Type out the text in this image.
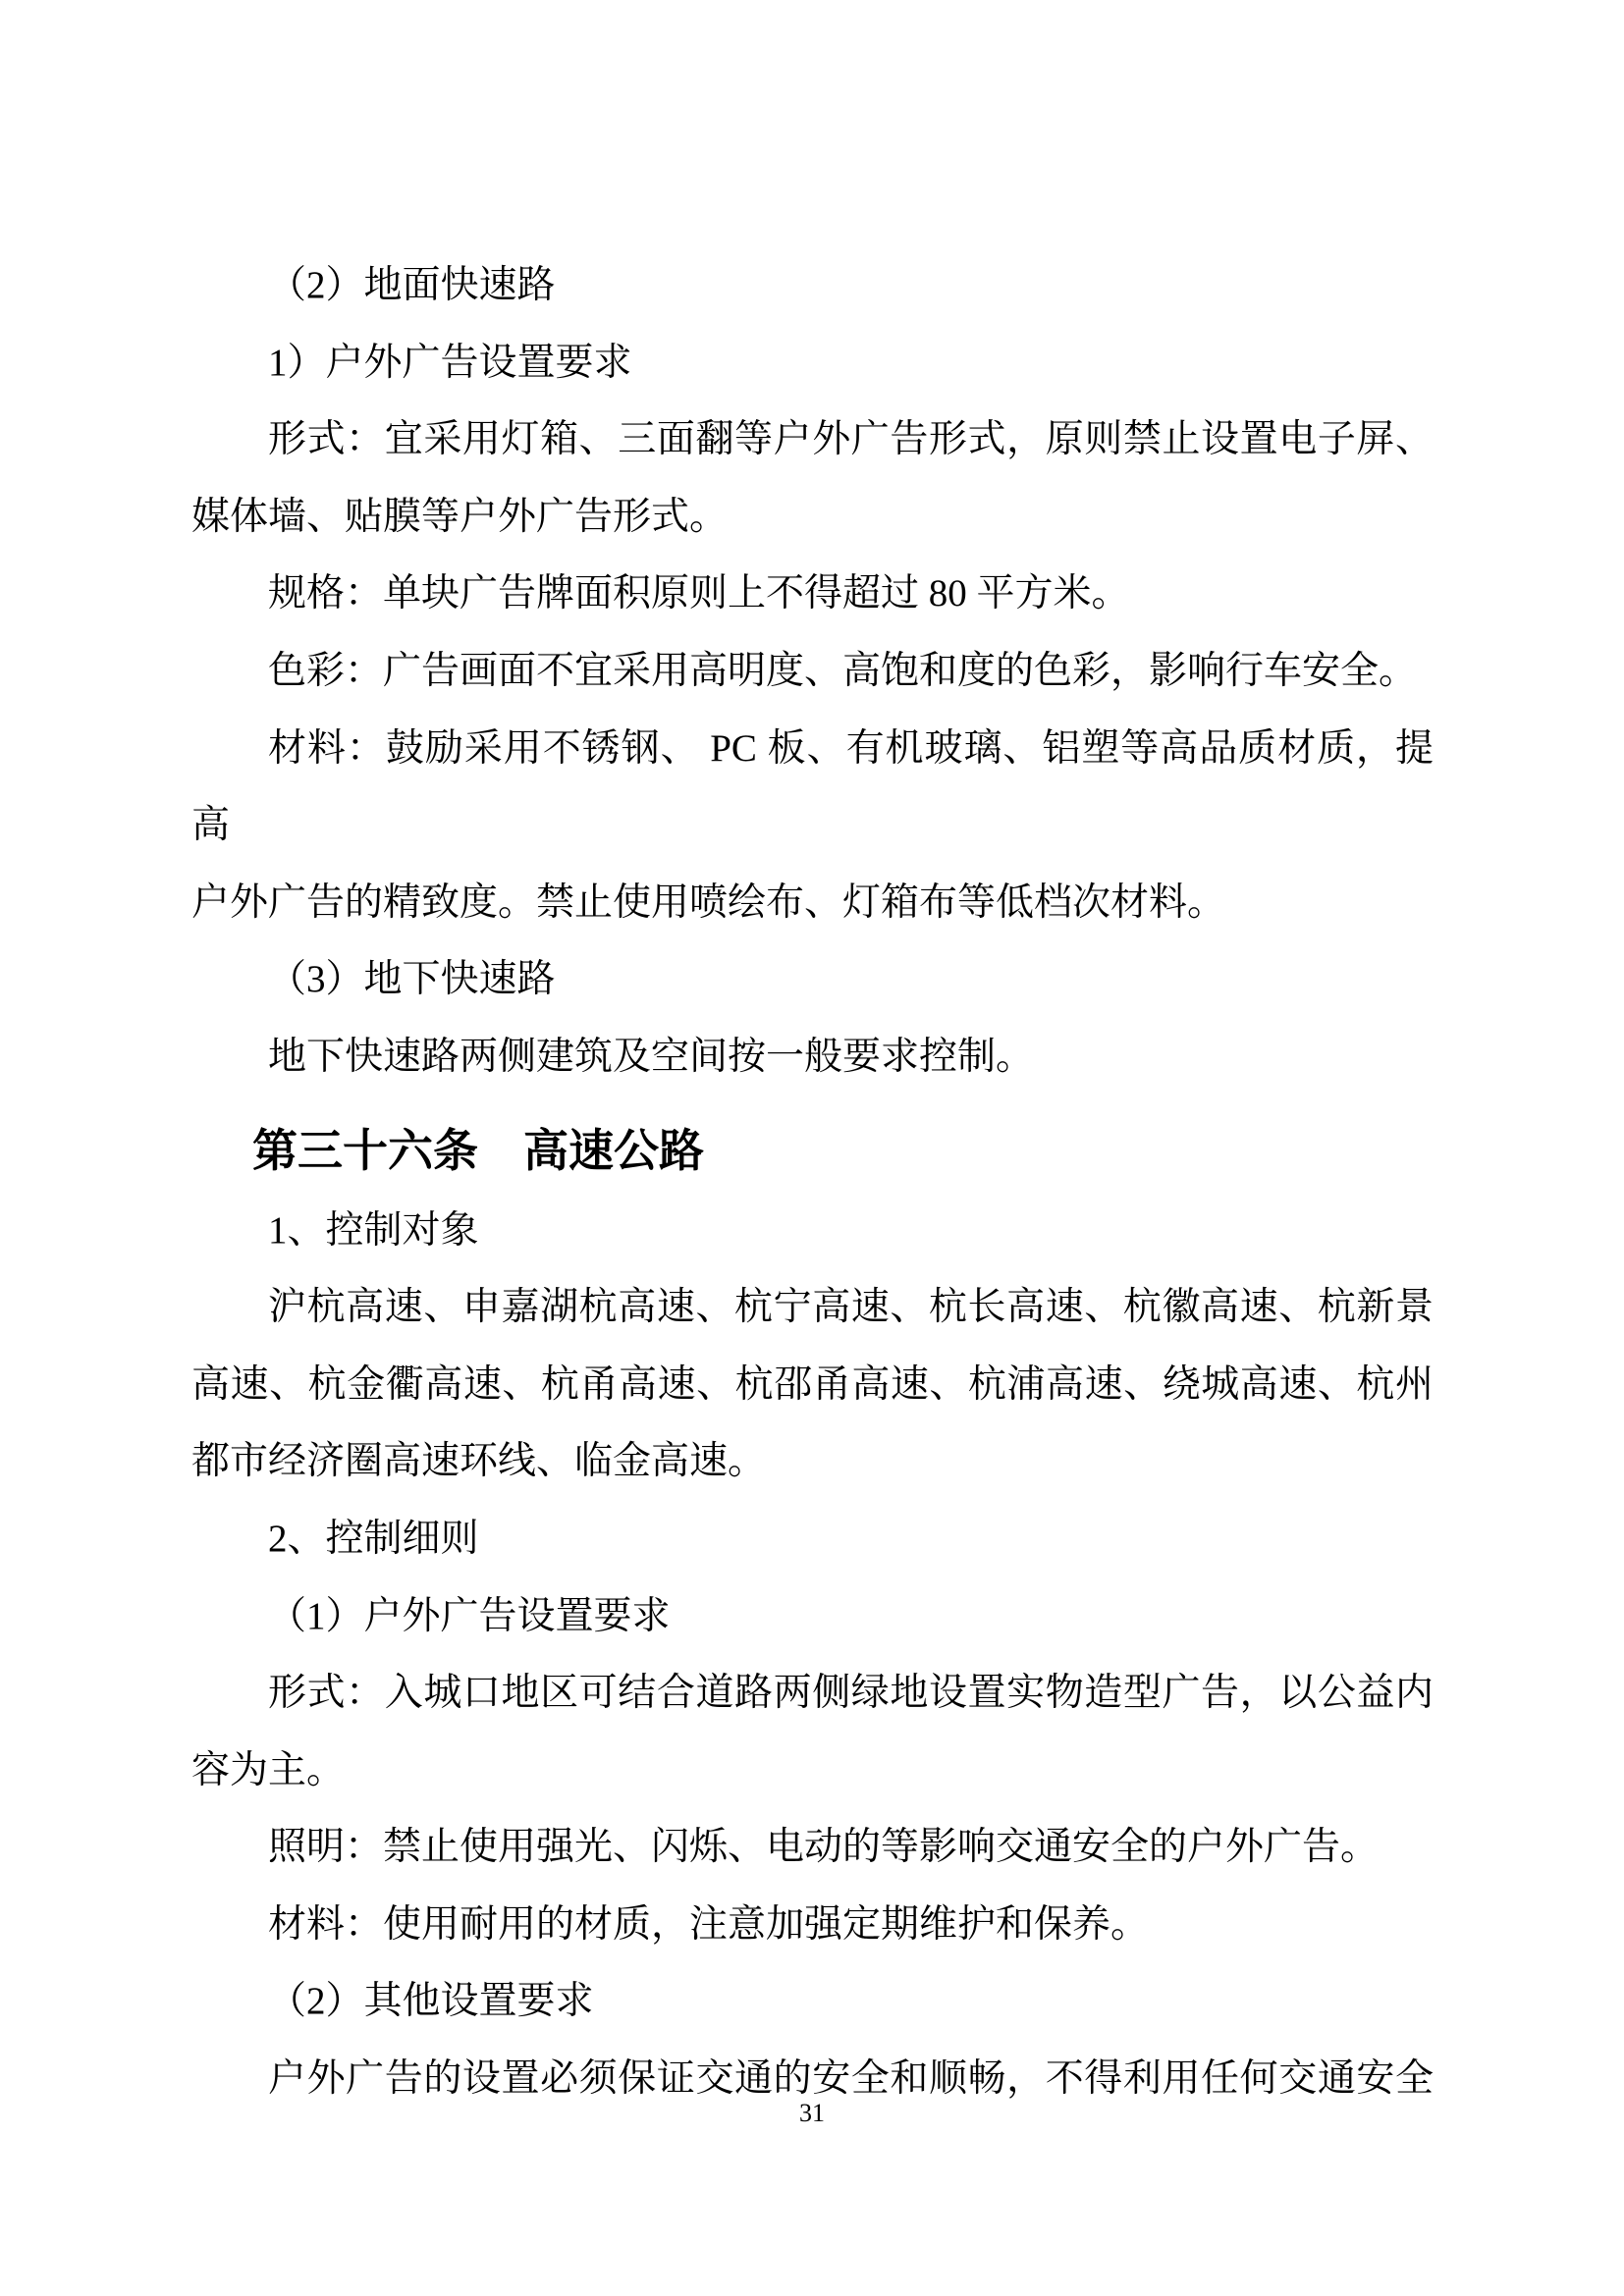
（2）地面快速路
1）户外广告设置要求
形式：宜采用灯箱、三面翻等户外广告形式，原则禁止设置电子屏、
媒体墙、贴膜等户外广告形式。
规格：单块广告牌面积原则上不得超过 80 平方米。
色彩：广告画面不宜采用高明度、高饱和度的色彩，影响行车安全。
材料：鼓励采用不锈钢、 PC 板、有机玻璃、铝塑等高品质材质，提高
户外广告的精致度。禁止使用喷绘布、灯箱布等低档次材料。
（3）地下快速路
地下快速路两侧建筑及空间按一般要求控制。
第三十六条　高速公路
1、控制对象
沪杭高速、申嘉湖杭高速、杭宁高速、杭长高速、杭徽高速、杭新景
高速、杭金衢高速、杭甬高速、杭邵甬高速、杭浦高速、绕城高速、杭州
都市经济圈高速环线、临金高速。
2、控制细则
（1）户外广告设置要求
形式：入城口地区可结合道路两侧绿地设置实物造型广告，以公益内
容为主。
照明：禁止使用强光、闪烁、电动的等影响交通安全的户外广告。
材料：使用耐用的材质，注意加强定期维护和保养。
（2）其他设置要求
户外广告的设置必须保证交通的安全和顺畅，不得利用任何交通安全
31
